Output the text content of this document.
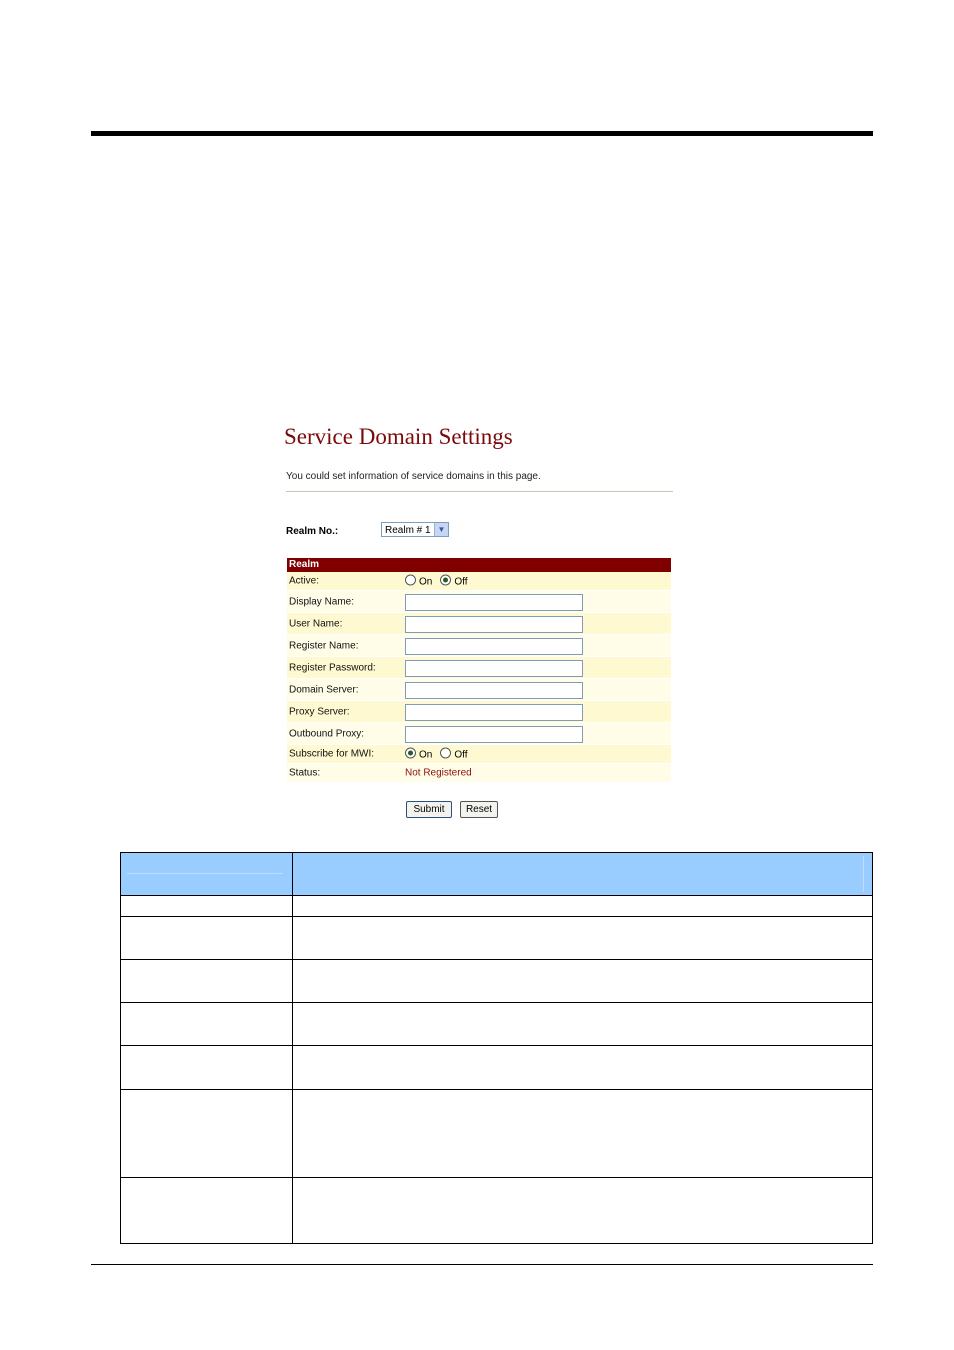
Service Domain Settings
You could set information of service domains in this page.
Realm No.:	Realm # 1 ▼
Realm
Active:	On Off
Display Name:
User Name:
Register Name:
Register Password:
Domain Server:
Proxy Server:
Outbound Proxy:
Subscribe for MWI:	On Off
Status:	Not Registered
Submit	Reset
